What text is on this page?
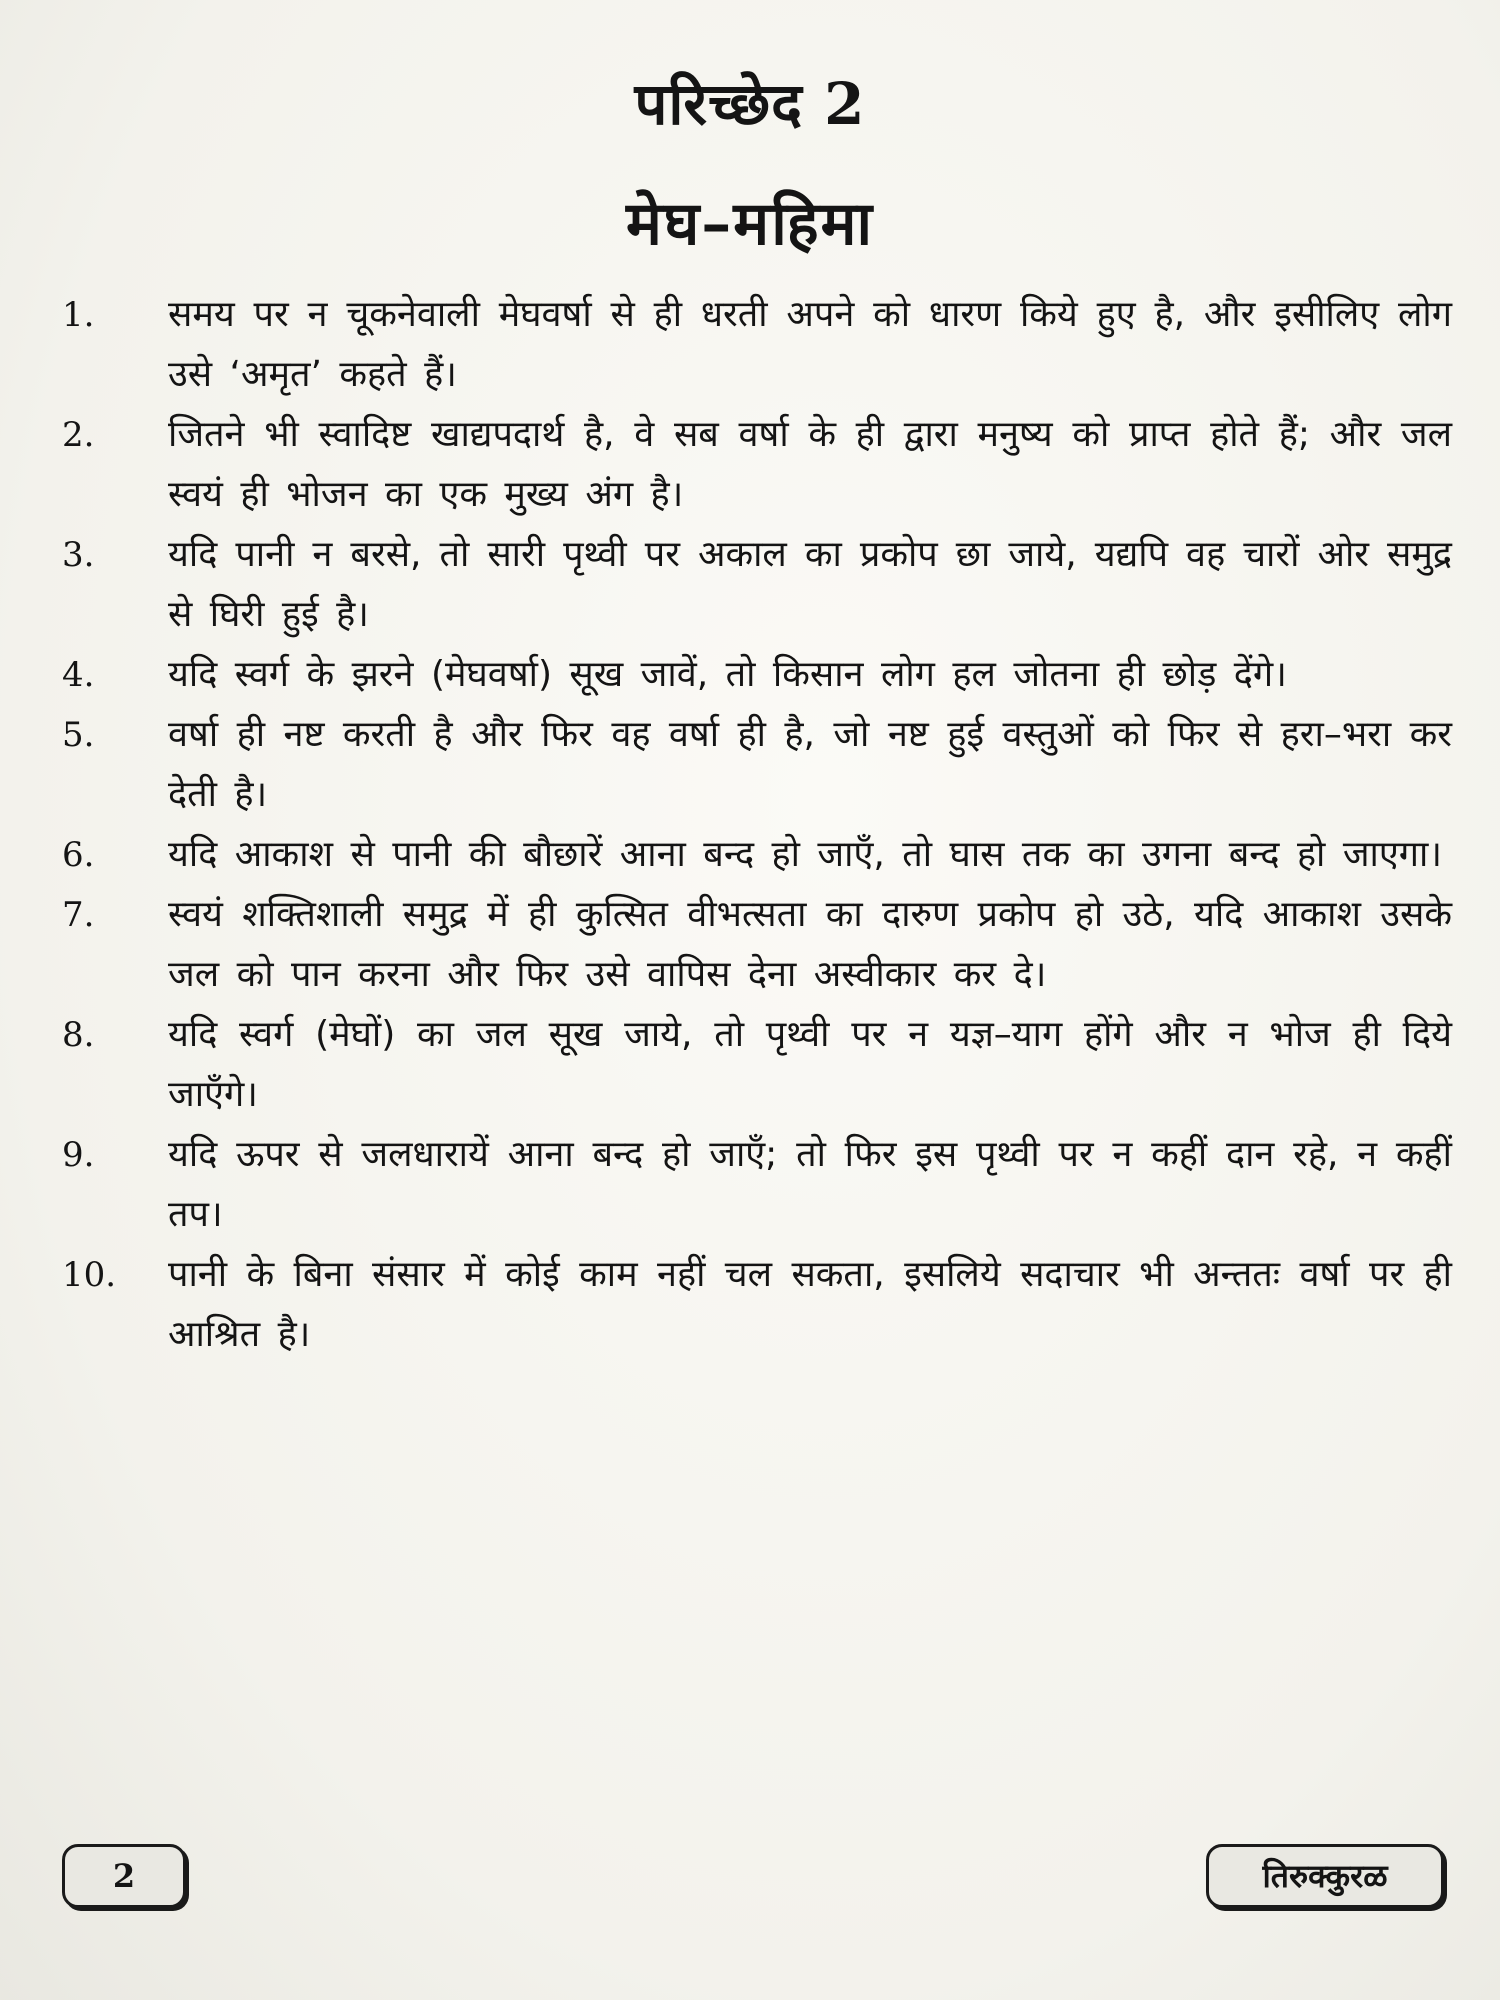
परिच्छेद 2
मेघ–महिमा
1.	समय पर न चूकनेवाली मेघवर्षा से ही धरती अपने को धारण किये हुए है, और इसीलिए लोग उसे ‘अमृत’ कहते हैं।
2.	जितने भी स्वादिष्ट खाद्यपदार्थ है, वे सब वर्षा के ही द्वारा मनुष्य को प्राप्त होते हैं; और जल स्वयं ही भोजन का एक मुख्य अंग है।
3.	यदि पानी न बरसे, तो सारी पृथ्वी पर अकाल का प्रकोप छा जाये, यद्यपि वह चारों ओर समुद्र से घिरी हुई है।
4.	यदि स्वर्ग के झरने (मेघवर्षा) सूख जावें, तो किसान लोग हल जोतना ही छोड़ देंगे।
5.	वर्षा ही नष्ट करती है और फिर वह वर्षा ही है, जो नष्ट हुई वस्तुओं को फिर से हरा–भरा कर देती है।
6.	यदि आकाश से पानी की बौछारें आना बन्द हो जाएँ, तो घास तक का उगना बन्द हो जाएगा।
7.	स्वयं शक्तिशाली समुद्र में ही कुत्सित वीभत्सता का दारुण प्रकोप हो उठे, यदि आकाश उसके जल को पान करना और फिर उसे वापिस देना अस्वीकार कर दे।
8.	यदि स्वर्ग (मेघों) का जल सूख जाये, तो पृथ्वी पर न यज्ञ–याग होंगे और न भोज ही दिये जाएँगे।
9.	यदि ऊपर से जलधारायें आना बन्द हो जाएँ; तो फिर इस पृथ्वी पर न कहीं दान रहे, न कहीं तप।
10.	पानी के बिना संसार में कोई काम नहीं चल सकता, इसलिये सदाचार भी अन्ततः वर्षा पर ही आश्रित है।
2	तिरुक्कुरळ
